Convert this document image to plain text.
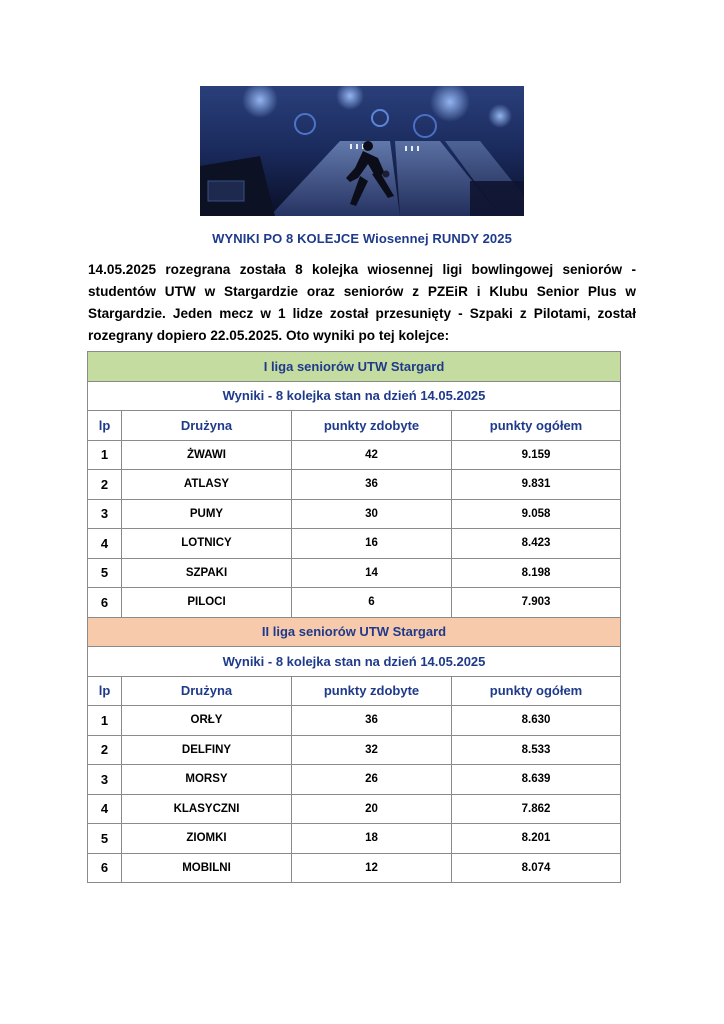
WYNIKI PO 8 KOLEJCE Wiosennej RUNDY 2025
14.05.2025 rozegrana została 8 kolejka wiosennej ligi bowlingowej seniorów - studentów UTW w Stargardzie oraz seniorów z PZEiR i Klubu Senior Plus w Stargardzie. Jeden mecz w 1 lidze został przesunięty - Szpaki z Pilotami, został rozegrany dopiero 22.05.2025. Oto wyniki po tej kolejce:
I liga seniorów UTW Stargard			
Wyniki - 8 kolejka stan na dzień 14.05.2025			
lp	Drużyna	punkty zdobyte	punkty ogółem
1	ŻWAWI	42	9.159
2	ATLASY	36	9.831
3	PUMY	30	9.058
4	LOTNICY	16	8.423
5	SZPAKI	14	8.198
6	PILOCI	6	7.903
II liga seniorów UTW Stargard			
Wyniki - 8 kolejka stan na dzień 14.05.2025			
lp	Drużyna	punkty zdobyte	punkty ogółem
1	ORŁY	36	8.630
2	DELFINY	32	8.533
3	MORSY	26	8.639
4	KLASYCZNI	20	7.862
5	ZIOMKI	18	8.201
6	MOBILNI	12	8.074
